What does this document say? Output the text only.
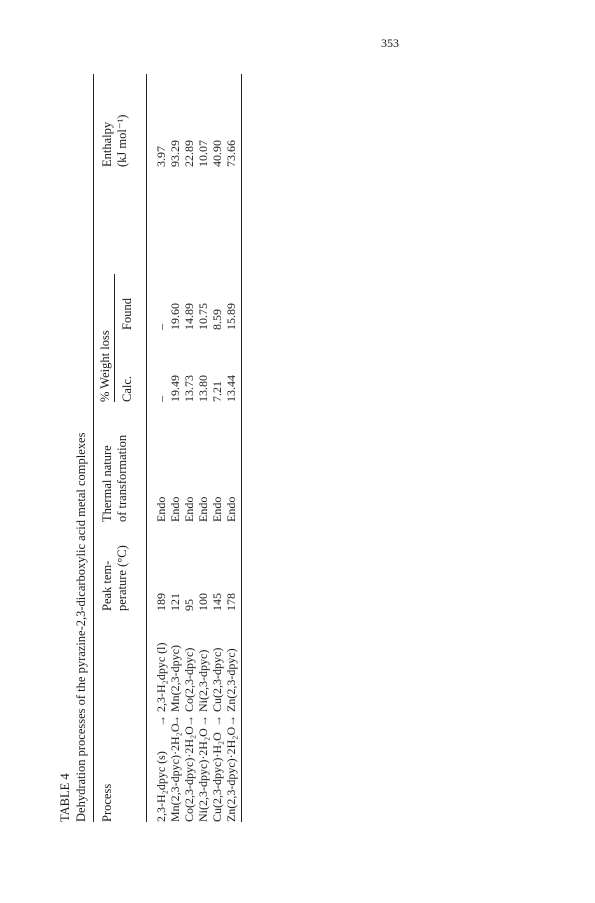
353
TABLE 4 Dehydration processes of the pyrazine-2,3-dicarboxylic acid metal complexes Process
Peak tem- perature (°C)
Thermal nature of transformation
% Weight loss Calc.
Found
Enthalpy (kJ mol⁻¹)
2,3-H₂dpyc (s)
→ 2,3-H₂dpyc (l)
189
Endo
–
–
3.97
Mn(2,3-dpyc)·2H₂O
→ Mn(2,3-dpyc)
121
Endo
19.49
19.60
93.29
Co(2,3-dpyc)·2H₂O
→ Co(2,3-dpyc)
95
Endo
13.73
14.89
22.89
Ni(2,3-dpyc)·2H₂O
→ Ni(2,3-dpyc)
100
Endo
13.80
10.75
10.07
Cu(2,3-dpyc)·H₂O
→ Cu(2,3-dpyc)
145
Endo
7.21
8.59
40.90
Zn(2,3-dpyc)·2H₂O
→ Zn(2,3-dpyc)
178
Endo
13.44
15.89
73.66
